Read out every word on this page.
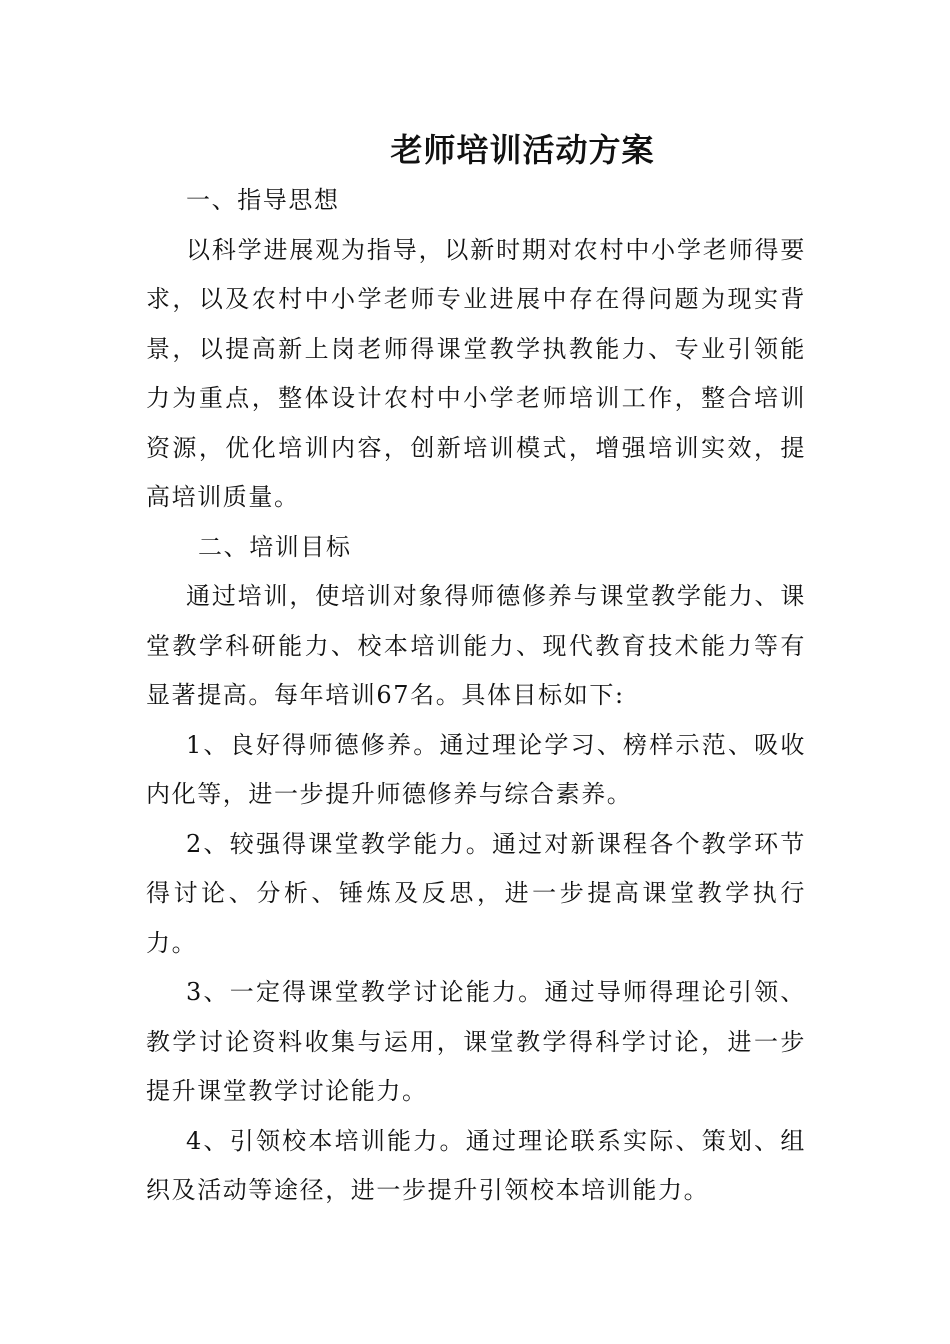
老师培训活动方案

一、指导思想

以科学进展观为指导，以新时期对农村中小学老师得要求，以及农村中小学老师专业进展中存在得问题为现实背景，以提高新上岗老师得课堂教学执教能力、专业引领能力为重点，整体设计农村中小学老师培训工作，整合培训资源，优化培训内容，创新培训模式，增强培训实效，提高培训质量。

二、培训目标

通过培训，使培训对象得师德修养与课堂教学能力、课堂教学科研能力、校本培训能力、现代教育技术能力等有显著提高。每年培训67名。具体目标如下:

1、良好得师德修养。通过理论学习、榜样示范、吸收内化等，进一步提升师德修养与综合素养。

2、较强得课堂教学能力。通过对新课程各个教学环节得讨论、分析、锤炼及反思，进一步提高课堂教学执行力。

3、一定得课堂教学讨论能力。通过导师得理论引领、教学讨论资料收集与运用，课堂教学得科学讨论，进一步提升课堂教学讨论能力。

4、引领校本培训能力。通过理论联系实际、策划、组织及活动等途径，进一步提升引领校本培训能力。
